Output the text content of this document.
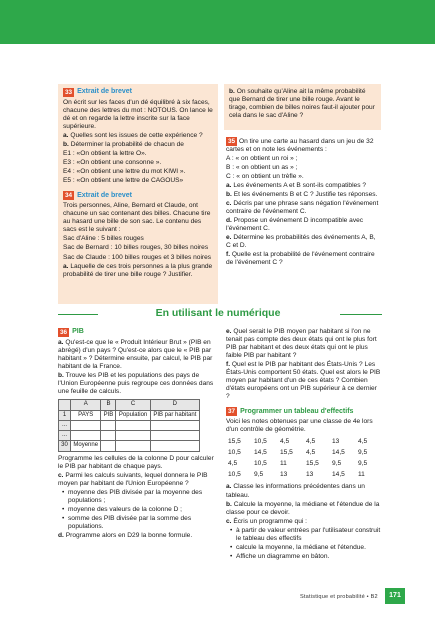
33 Extrait de brevet

On écrit sur les faces d'un dé équilibré à six faces, chacune des lettres du mot : NOTOUS. On lance le dé et on regarde la lettre inscrite sur la face supérieure.

a. Quelles sont les issues de cette expérience ?

b. Déterminer la probabilité de chacun de

E1 : «On obtient la lettre O».

E3 : «On obtient une consonne ».

E4 : «On obtient une lettre du mot KIWI ».

E5 : «On obtient une lettre de CAGOUS»

34 Extrait de brevet

Trois personnes, Aline, Bernard et Claude, ont chacune un sac contenant des billes. Chacune tire au hasard une bille de son sac. Le contenu des sacs est le suivant :

Sac d'Aline : 5 billes rouges

Sac de Bernard : 10 billes rouges, 30 billes noires

Sac de Claude : 100 billes rouges et 3 billes noires

a. Laquelle de ces trois personnes a la plus grande probabilité de tirer une bille rouge ? Justifier.

b. On souhaite qu'Aline ait la même probabilité que Bernard de tirer une bille rouge. Avant le tirage, combien de billes noires faut-il ajouter pour cela dans le sac d'Aline ?

35 On tire une carte au hasard dans un jeu de 32 cartes et on note les événements :

A : « on obtient un roi » ;

B : « on obtient un as » ;

C : « on obtient un trèfle ».

a. Les événements A et B sont-ils compatibles ?

b. Et les événements B et C ? Justifie tes réponses.

c. Décris par une phrase sans négation l'événement contraire de l'événement C.

d. Propose un événement D incompatible avec l'événement C.

e. Détermine les probabilités des événements A, B, C et D.

f. Quelle est la probabilité de l'événement contraire de l'événement C ?

En utilisant le numérique
36 PIB

a. Qu'est-ce que le « Produit Intérieur Brut » (PIB en abrégé) d'un pays ? Qu'est-ce alors que le « PIB par habitant » ? Détermine ensuite, par calcul, le PIB par habitant de la France.

b. Trouve les PIB et les populations des pays de l'Union Européenne puis regroupe ces données dans une feuille de calculs.

	A	B	C	D
1	PAYS	PIB	Population	PIB par habitant
...				
...				
30	Moyenne			

Programme les cellules de la colonne D pour calculer le PIB par habitant de chaque pays.

c. Parmi les calculs suivants, lequel donnera le PIB moyen par habitant de l'Union Européenne ?

• moyenne des PIB divisée par la moyenne des populations ;
• moyenne des valeurs de la colonne D ;
• somme des PIB divisée par la somme des populations.

d. Programme alors en D29 la bonne formule.

e. Quel serait le PIB moyen par habitant si l'on ne tenait pas compte des deux états qui ont le plus fort PIB par habitant et des deux états qui ont le plus faible PIB par habitant ?

f. Quel est le PIB par habitant des États-Unis ? Les États-Unis comportent 50 états. Quel est alors le PIB moyen par habitant d'un de ces états ? Combien d'états européens ont un PIB supérieur à ce dernier ?

37 Programmer un tableau d'effectifs

Voici les notes obtenues par une classe de 4e lors d'un contrôle de géométrie.

15,5	10,5	4,5	4,5	13	4,5
10,5	14,5	15,5	4,5	14,5	9,5
4,5	10,5	11	15,5	9,5	9,5
10,5	9,5	13	13	14,5	11

a. Classe les informations précédentes dans un tableau.

b. Calcule la moyenne, la médiane et l'étendue de la classe pour ce devoir.

c. Écris un programme qui :

• à partir de valeur entrées par l'utilisateur construit le tableau des effectifs
• calcule la moyenne, la médiane et l'étendue.
• Affiche un diagramme en bâton.
Statistique et probabilité • B2	171
